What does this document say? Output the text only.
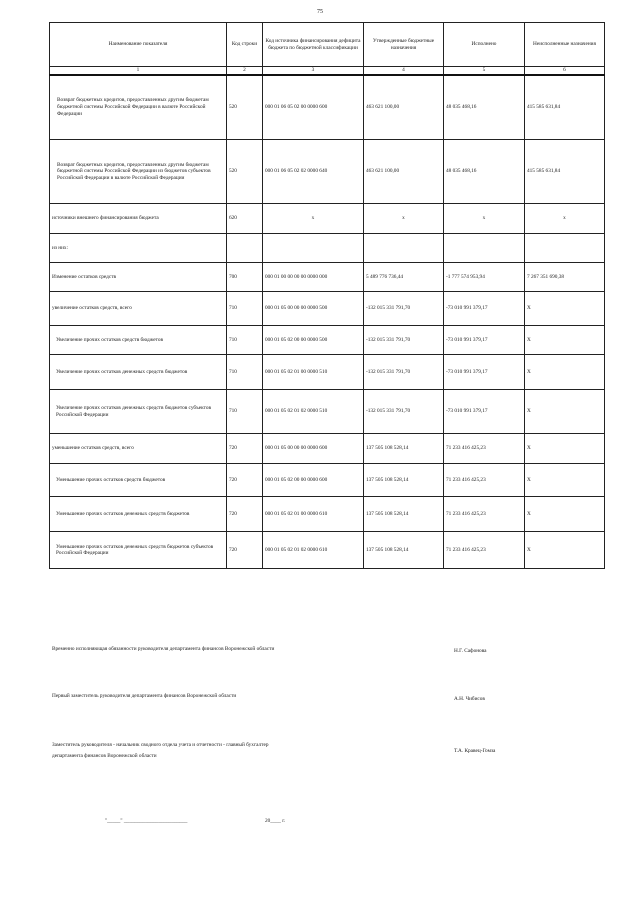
75
Наименование показателя	Код строки	Код источника финансирования дефицита бюджета по бюджетной классификации	Утвержденные бюджетные назначения	Исполнено	Неисполненные назначения
1	2	3	4	5	6
Возврат бюджетных кредитов, предоставленных другим бюджетам бюджетной системы Российской Федерации в валюте Российской Федерации	520	000 01 06 05 02 00 0000 600	463 621 100,00	48 035 468,16	415 585 631,84
Возврат бюджетных кредитов, предоставленных другим бюджетам бюджетной системы Российской Федерации из бюджетов субъектов Российской Федерации в валюте Российской Федерации	520	000 01 06 05 02 02 0000 640	463 621 100,00	48 035 468,16	415 585 631,84
источники внешнего финансирования бюджета	620	x	x	x	x
из них:					
Изменение остатков средств	700	000 01 00 00 00 00 0000 000	5 489 776 736,44	-1 777 574 953,94	7 267 351 690,38
увеличение остатков средств, всего	710	000 01 05 00 00 00 0000 500	-132 015 331 791,70	-73 010 991 379,17	X
Увеличение прочих остатков средств бюджетов	710	000 01 05 02 00 00 0000 500	-132 015 331 791,70	-73 010 991 379,17	X
Увеличение прочих остатков денежных средств бюджетов	710	000 01 05 02 01 00 0000 510	-132 015 331 791,70	-73 010 991 379,17	X
Увеличение прочих остатков денежных средств бюджетов субъектов Российской Федерации	710	000 01 05 02 01 02 0000 510	-132 015 331 791,70	-73 010 991 379,17	X
уменьшение остатков средств, всего	720	000 01 05 00 00 00 0000 600	137 505 108 528,14	71 233 416 425,23	X
Уменьшение прочих остатков средств бюджетов	720	000 01 05 02 00 00 0000 600	137 505 108 528,14	71 233 416 425,23	X
Уменьшение прочих остатков денежных средств бюджетов	720	000 01 05 02 01 00 0000 610	137 505 108 528,14	71 233 416 425,23	X
Уменьшение прочих остатков денежных средств бюджетов субъектов Российской Федерации	720	000 01 05 02 01 02 0000 610	137 505 108 528,14	71 233 416 425,23	X
Временно исполняющая обязанности руководителя департамента финансов Воронежской области	Н.Г. Сафонова
Первый заместитель руководителя департамента финансов Воронежской области	А.Н. Чибисов
Заместитель руководителя - начальник сводного отдела учета и отчетности - главный бухгалтер
департамента финансов Воронежской области
Т.А. Кравец-Гомза
"_____" ________________________	20____ г.
